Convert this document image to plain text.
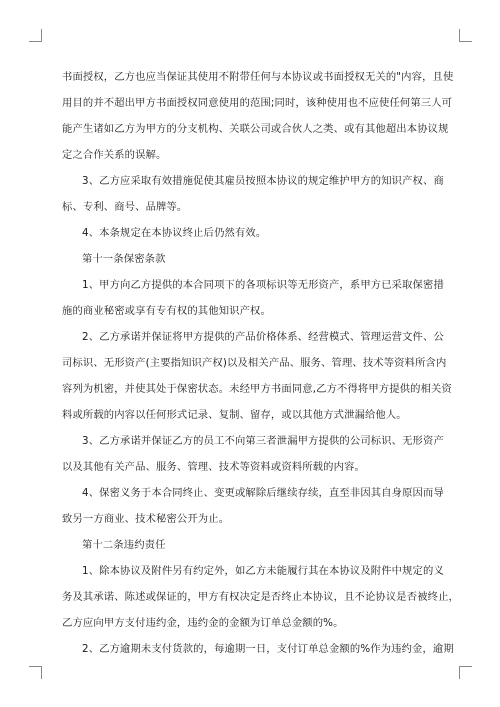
书面授权，乙方也应当保证其使用不附带任何与本协议或书面授权无关的"内容，且使
用目的并不超出甲方书面授权同意使用的范围;同时，该种使用也不应使任何第三人可
能产生诸如乙方为甲方的分支机构、关联公司或合伙人之类、或有其他超出本协议规
定之合作关系的误解。
3、乙方应采取有效措施促使其雇员按照本协议的规定维护甲方的知识产权、商
标、专利、商号、品牌等。
4、本条规定在本协议终止后仍然有效。
第十一条保密条款
1、甲方向乙方提供的本合同项下的各项标识等无形资产，系甲方已采取保密措
施的商业秘密或享有专有权的其他知识产权。
2、乙方承诺并保证将甲方提供的产品价格体系、经营模式、管理运营文件、公
司标识、无形资产(主要指知识产权)以及相关产品、服务、管理、技术等资料所含内
容列为机密，并使其处于保密状态。未经甲方书面同意,乙方不得将甲方提供的相关资
料或所载的内容以任何形式记录、复制、留存，或以其他方式泄漏给他人。
3、乙方承诺并保证乙方的员工不向第三者泄漏甲方提供的公司标识、无形资产
以及其他有关产品、服务、管理、技术等资料或资料所载的内容。
4、保密义务于本合同终止、变更或解除后继续存续，直至非因其自身原因而导
致另一方商业、技术秘密公开为止。
第十二条违约责任
1、除本协议及附件另有约定外，如乙方未能履行其在本协议及附件中规定的义
务及其承诺、陈述或保证的，甲方有权决定是否终止本协议，且不论协议是否被终止，
乙方应向甲方支付违约金，违约金的金额为订单总金额的%。
2、乙方逾期未支付货款的，每逾期一日，支付订单总金额的%作为违约金，逾期
